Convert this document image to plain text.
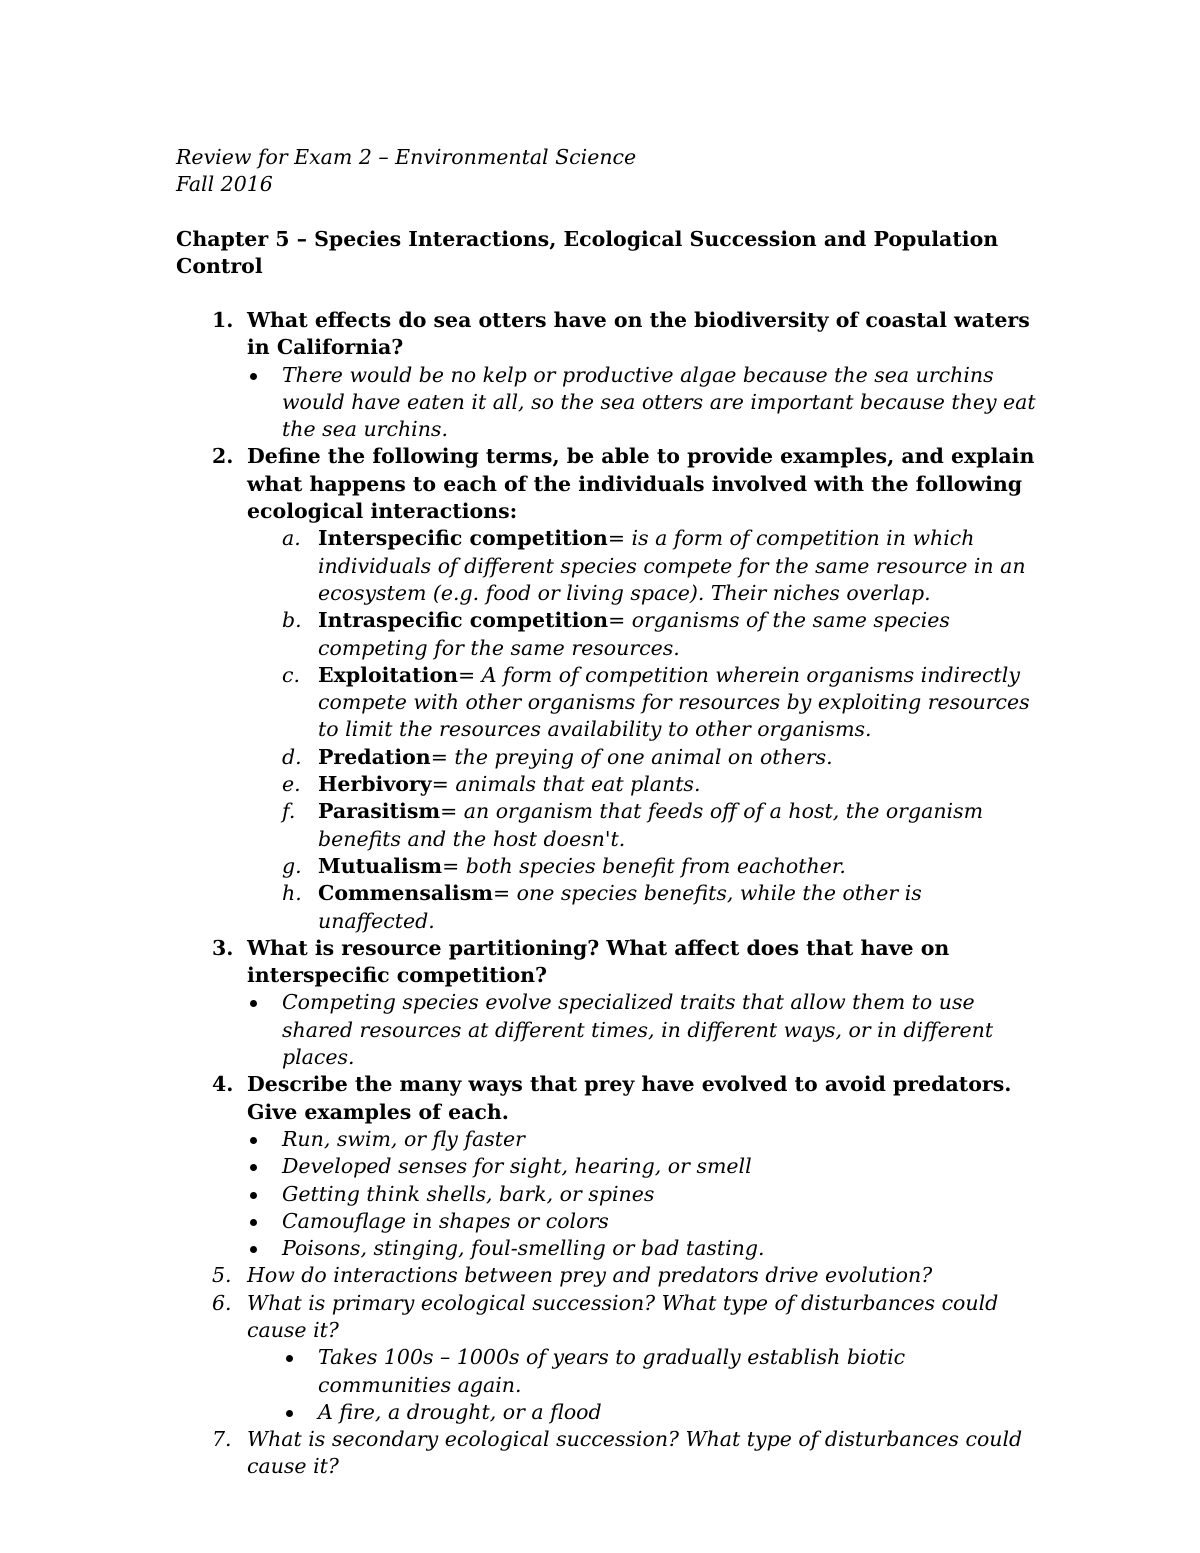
Review for Exam 2 – Environmental Science
Fall 2016
Chapter 5 – Species Interactions, Ecological Succession and Population Control
1. What effects do sea otters have on the biodiversity of coastal waters in California?
There would be no kelp or productive algae because the sea urchins would have eaten it all, so the sea otters are important because they eat the sea urchins.
2. Define the following terms, be able to provide examples, and explain what happens to each of the individuals involved with the following ecological interactions:
a. Interspecific competition= is a form of competition in which individuals of different species compete for the same resource in an ecosystem (e.g. food or living space). Their niches overlap.
b. Intraspecific competition= organisms of the same species competing for the same resources.
c. Exploitation= A form of competition wherein organisms indirectly compete with other organisms for resources by exploiting resources to limit the resources availability to other organisms.
d. Predation= the preying of one animal on others.
e. Herbivory= animals that eat plants.
f. Parasitism= an organism that feeds off of a host, the organism benefits and the host doesn't.
g. Mutualism= both species benefit from eachother.
h. Commensalism= one species benefits, while the other is unaffected.
3. What is resource partitioning? What affect does that have on interspecific competition?
Competing species evolve specialized traits that allow them to use shared resources at different times, in different ways, or in different places.
4. Describe the many ways that prey have evolved to avoid predators. Give examples of each.
Run, swim, or fly faster
Developed senses for sight, hearing, or smell
Getting think shells, bark, or spines
Camouflage in shapes or colors
Poisons, stinging, foul-smelling or bad tasting.
5. How do interactions between prey and predators drive evolution?
6. What is primary ecological succession? What type of disturbances could cause it?
Takes 100s – 1000s of years to gradually establish biotic communities again.
A fire, a drought, or a flood
7. What is secondary ecological succession? What type of disturbances could cause it?
